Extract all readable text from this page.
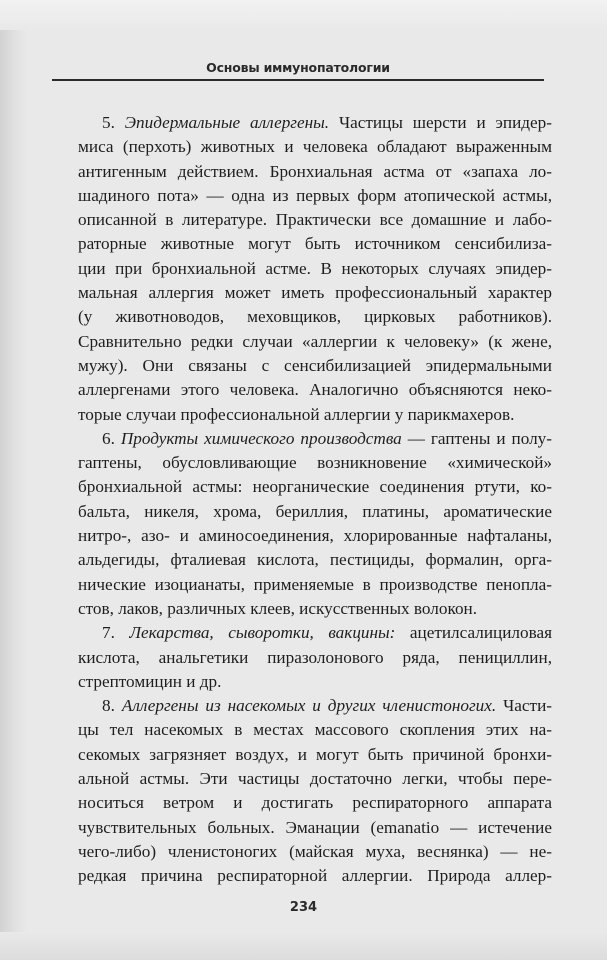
Основы иммунопатологии
5. Эпидермальные аллергены. Частицы шерсти и эпидер-
миса (перхоть) животных и человека обладают выраженным
антигенным действием. Бронхиальная астма от «запаха ло-
шадиного пота» — одна из первых форм атопической астмы,
описанной в литературе. Практически все домашние и лабо-
раторные животные могут быть источником сенсибилиза-
ции при бронхиальной астме. В некоторых случаях эпидер-
мальная аллергия может иметь профессиональный характер
(у животноводов, меховщиков, цирковых работников).
Сравнительно редки случаи «аллергии к человеку» (к жене,
мужу). Они связаны с сенсибилизацией эпидермальными
аллергенами этого человека. Аналогично объясняются неко-
торые случаи профессиональной аллергии у парикмахеров.
6. Продукты химического производства — гаптены и полу-
гаптены, обусловливающие возникновение «химической»
бронхиальной астмы: неорганические соединения ртути, ко-
бальта, никеля, хрома, бериллия, платины, ароматические
нитро-, азо- и аминосоединения, хлорированные нафталаны,
альдегиды, фталиевая кислота, пестициды, формалин, орга-
нические изоцианаты, применяемые в производстве пенопла-
стов, лаков, различных клеев, искусственных волокон.
7. Лекарства, сыворотки, вакцины: ацетилсалициловая
кислота, анальгетики пиразолонового ряда, пенициллин,
стрептомицин и др.
8. Аллергены из насекомых и других членистоногих. Части-
цы тел насекомых в местах массового скопления этих на-
секомых загрязняет воздух, и могут быть причиной бронхи-
альной астмы. Эти частицы достаточно легки, чтобы пере-
носиться ветром и достигать респираторного аппарата
чувствительных больных. Эманации (emanatio — истечение
чего-либо) членистоногих (майская муха, веснянка) — не-
редкая причина респираторной аллергии. Природа аллер-
234
